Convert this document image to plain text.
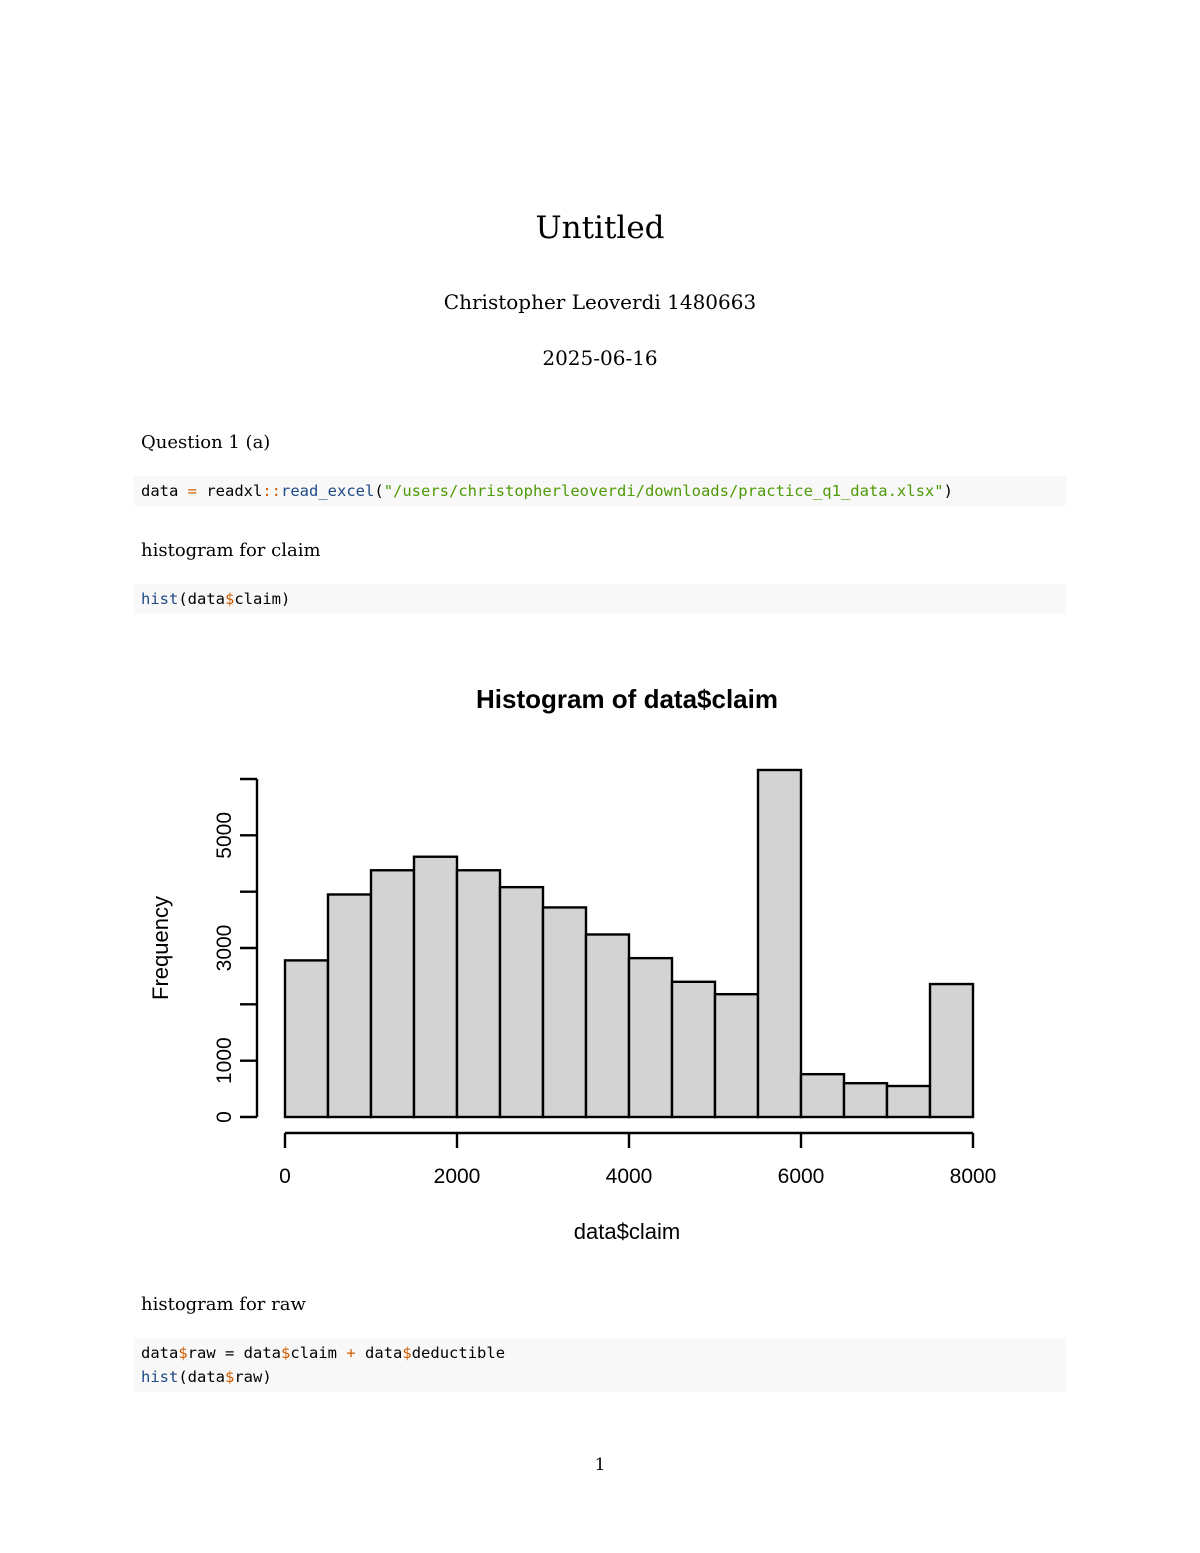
Untitled
Christopher Leoverdi 1480663
2025-06-16
Question 1 (a)
data = readxl::read_excel("/users/christopherleoverdi/downloads/practice_q1_data.xlsx")
histogram for claim
hist(data$claim)
Histogram of data$claim
Frequency
data$claim
0
1000
3000
5000
0	2000	4000	6000	8000
histogram for raw
data$raw = data$claim + data$deductible
hist(data$raw)
1
